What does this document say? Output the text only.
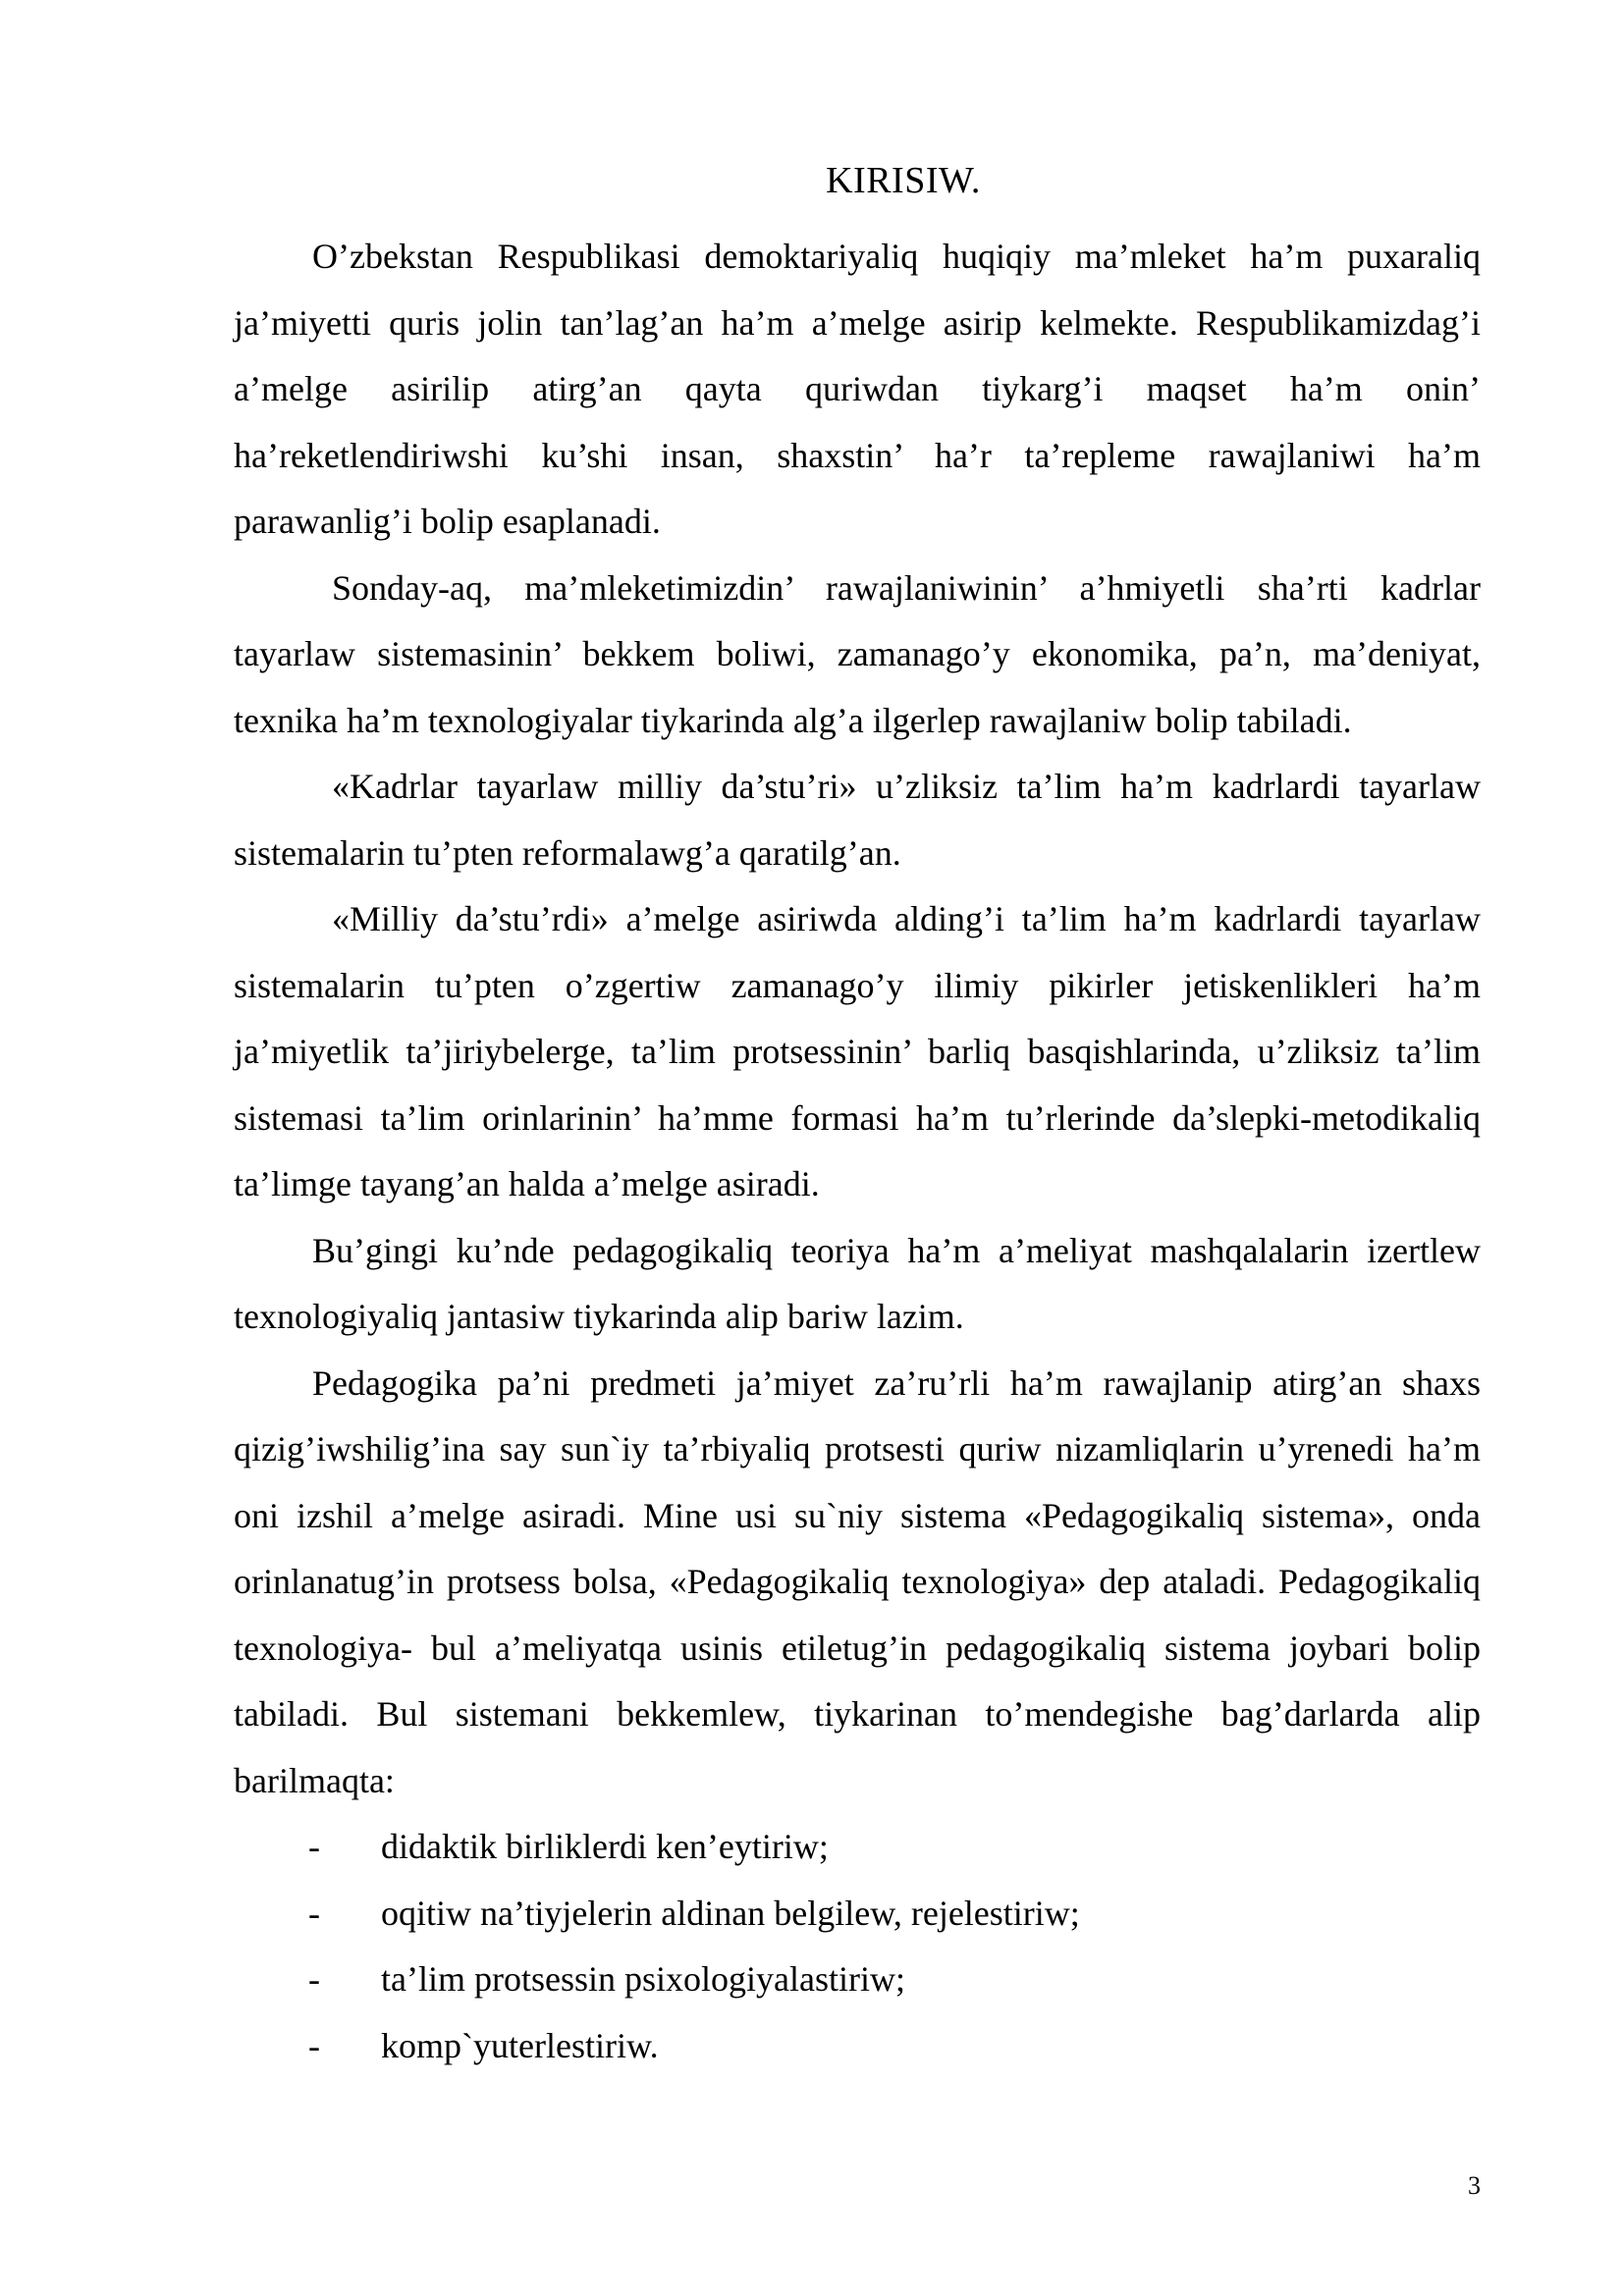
KIRISIW.

O’zbekstan Respublikasi demoktariyaliq huqiqiy ma’mleket ha’m puxaraliq ja’miyetti quris jolin tan’lag’an ha’m a’melge asirip kelmekte. Respublikamizdag’i a’melge asirilip atirg’an qayta quriwdan tiykarg’i maqset ha’m onin’ ha’reketlendiriwshi ku’shi insan, shaxstin’ ha’r ta’repleme rawajlaniwi ha’m parawanlig’i bolip esaplanadi.

Sonday-aq, ma’mleketimizdin’ rawajlaniwinin’ a’hmiyetli sha’rti kadrlar tayarlaw sistemasinin’ bekkem boliwi, zamanago’y ekonomika, pa’n, ma’deniyat, texnika ha’m texnologiyalar tiykarinda alg’a ilgerlep rawajlaniw bolip tabiladi.

«Kadrlar tayarlaw milliy da’stu’ri» u’zliksiz ta’lim ha’m kadrlardi tayarlaw sistemalarin tu’pten reformalawg’a qaratilg’an.

«Milliy da’stu’rdi» a’melge asiriwda alding’i ta’lim ha’m kadrlardi tayarlaw sistemalarin tu’pten o’zgertiw zamanago’y ilimiy pikirler jetiskenlikleri ha’m ja’miyetlik ta’jiriybelerge, ta’lim protsessinin’ barliq basqishlarinda, u’zliksiz ta’lim sistemasi ta’lim orinlarinin’ ha’mme formasi ha’m tu’rlerinde da’slepki-metodikaliq ta’limge tayang’an halda a’melge asiradi.

Bu’gingi ku’nde pedagogikaliq teoriya ha’m a’meliyat mashqalalarin izertlew texnologiyaliq jantasiw tiykarinda alip bariw lazim.

Pedagogika pa’ni predmeti ja’miyet za’ru’rli ha’m rawajlanip atirg’an shaxs qizig’iwshilig’ina say sun`iy ta’rbiyaliq protsesti quriw nizamliqlarin u’yrenedi ha’m oni izshil a’melge asiradi. Mine usi su`niy sistema «Pedagogikaliq sistema», onda orinlanatug’in protsess bolsa, «Pedagogikaliq texnologiya» dep ataladi. Pedagogikaliq texnologiya- bul a’meliyatqa usinis etiletug’in pedagogikaliq sistema joybari bolip tabiladi. Bul sistemani bekkemlew, tiykarinan to’mendegishe bag’darlarda alip barilmaqta:

- didaktik birliklerdi ken’eytiriw;
- oqitiw na’tiyjelerin aldinan belgilew, rejelestiriw;
- ta’lim protsessin psixologiyalastiriw;
- komp`yuterlestiriw.
3
